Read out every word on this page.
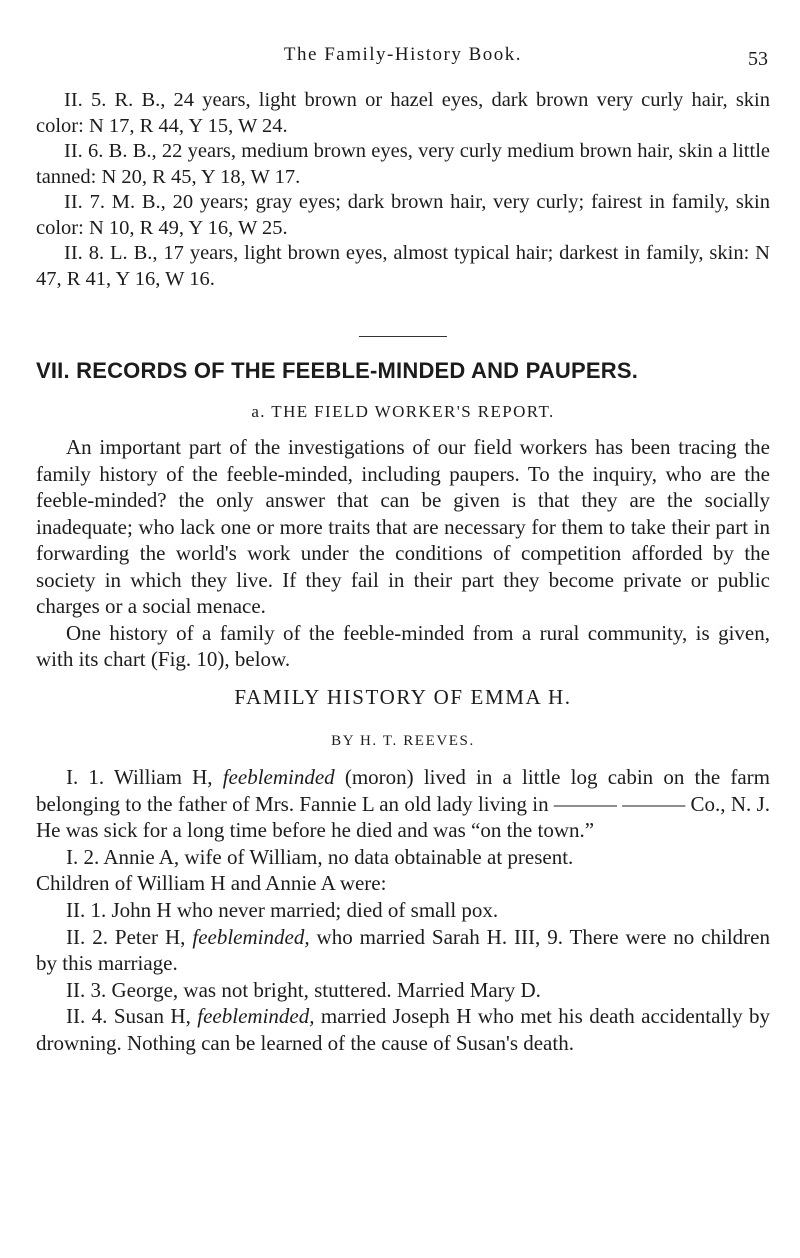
The Family-History Book.	53

II. 5. R. B., 24 years, light brown or hazel eyes, dark brown very curly hair, skin color: N 17, R 44, Y 15, W 24.

II. 6. B. B., 22 years, medium brown eyes, very curly medium brown hair, skin a little tanned: N 20, R 45, Y 18, W 17.

II. 7. M. B., 20 years; gray eyes; dark brown hair, very curly; fairest in family, skin color: N 10, R 49, Y 16, W 25.

II. 8. L. B., 17 years, light brown eyes, almost typical hair; darkest in family, skin: N 47, R 41, Y 16, W 16.

VII. RECORDS OF THE FEEBLE-MINDED AND PAUPERS.
a. THE FIELD WORKER'S REPORT.

An important part of the investigations of our field workers has been tracing the family history of the feeble-minded, including paupers. To the inquiry, who are the feeble-minded? the only answer that can be given is that they are the socially inadequate; who lack one or more traits that are necessary for them to take their part in forwarding the world's work under the conditions of competition afforded by the society in which they live. If they fail in their part they become private or public charges or a social menace.

One history of a family of the feeble-minded from a rural community, is given, with its chart (Fig. 10), below.

FAMILY HISTORY OF EMMA H.
BY H. T. REEVES.

I. 1. William H, feebleminded (moron) lived in a little log cabin on the farm belonging to the father of Mrs. Fannie L an old lady living in ——— ——— Co., N. J. He was sick for a long time before he died and was “on the town.”

I. 2. Annie A, wife of William, no data obtainable at present.

Children of William H and Annie A were:

II. 1. John H who never married; died of small pox.

II. 2. Peter H, feebleminded, who married Sarah H. III, 9. There were no children by this marriage.

II. 3. George, was not bright, stuttered. Married Mary D.

II. 4. Susan H, feebleminded, married Joseph H who met his death accidentally by drowning. Nothing can be learned of the cause of Susan's death.
